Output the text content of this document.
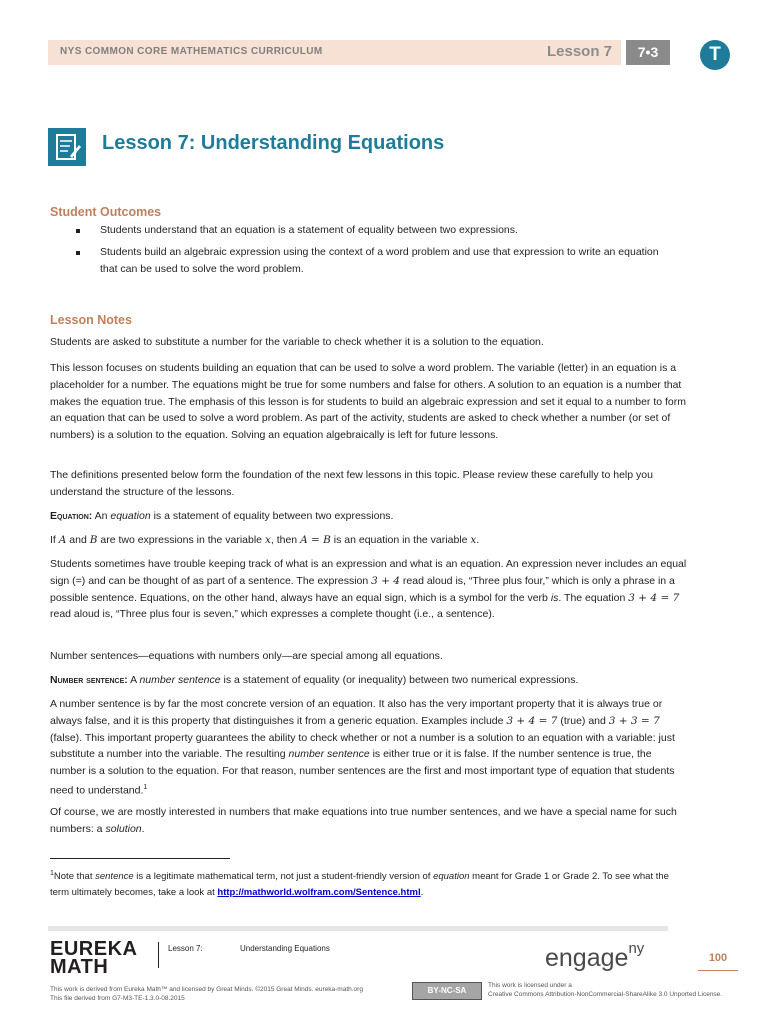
NYS COMMON CORE MATHEMATICS CURRICULUM	Lesson 7	7•3	T
Lesson 7: Understanding Equations
Student Outcomes
Students understand that an equation is a statement of equality between two expressions.
Students build an algebraic expression using the context of a word problem and use that expression to write an equation that can be used to solve the word problem.
Lesson Notes

Students are asked to substitute a number for the variable to check whether it is a solution to the equation.

This lesson focuses on students building an equation that can be used to solve a word problem. The variable (letter) in an equation is a placeholder for a number. The equations might be true for some numbers and false for others. A solution to an equation is a number that makes the equation true. The emphasis of this lesson is for students to build an algebraic expression and set it equal to a number to form an equation that can be used to solve a word problem. As part of the activity, students are asked to check whether a number (or set of numbers) is a solution to the equation. Solving an equation algebraically is left for future lessons.

The definitions presented below form the foundation of the next few lessons in this topic. Please review these carefully to help you understand the structure of the lessons.

Equation: An equation is a statement of equality between two expressions.

If A and B are two expressions in the variable x, then A = B is an equation in the variable x.

Students sometimes have trouble keeping track of what is an expression and what is an equation. An expression never includes an equal sign (=) and can be thought of as part of a sentence. The expression 3 + 4 read aloud is, “Three plus four,” which is only a phrase in a possible sentence. Equations, on the other hand, always have an equal sign, which is a symbol for the verb is. The equation 3 + 4 = 7 read aloud is, “Three plus four is seven,” which expresses a complete thought (i.e., a sentence).

Number sentences—equations with numbers only—are special among all equations.

Number sentence: A number sentence is a statement of equality (or inequality) between two numerical expressions.

A number sentence is by far the most concrete version of an equation. It also has the very important property that it is always true or always false, and it is this property that distinguishes it from a generic equation. Examples include 3 + 4 = 7 (true) and 3 + 3 = 7 (false). This important property guarantees the ability to check whether or not a number is a solution to an equation with a variable: just substitute a number into the variable. The resulting number sentence is either true or it is false. If the number sentence is true, the number is a solution to the equation. For that reason, number sentences are the first and most important type of equation that students need to understand.$^1$

Of course, we are mostly interested in numbers that make equations into true number sentences, and we have a special name for such numbers: a solution.

$^1$Note that sentence is a legitimate mathematical term, not just a student-friendly version of equation meant for Grade 1 or Grade 2. To see what the term ultimately becomes, take a look at http://mathworld.wolfram.com/Sentence.html.
EUREKA
MATH
Lesson 7:	Understanding Equations	engage$^{ny}$
100
This work is derived from Eureka Math™ and licensed by Great Minds. ©2015 Great Minds. eureka-math.org
This file derived from G7-M3-TE-1.3.0-08.2015
BY-NC-SA
This work is licensed under a
Creative Commons Attribution-NonCommercial-ShareAlike 3.0 Unported License.
